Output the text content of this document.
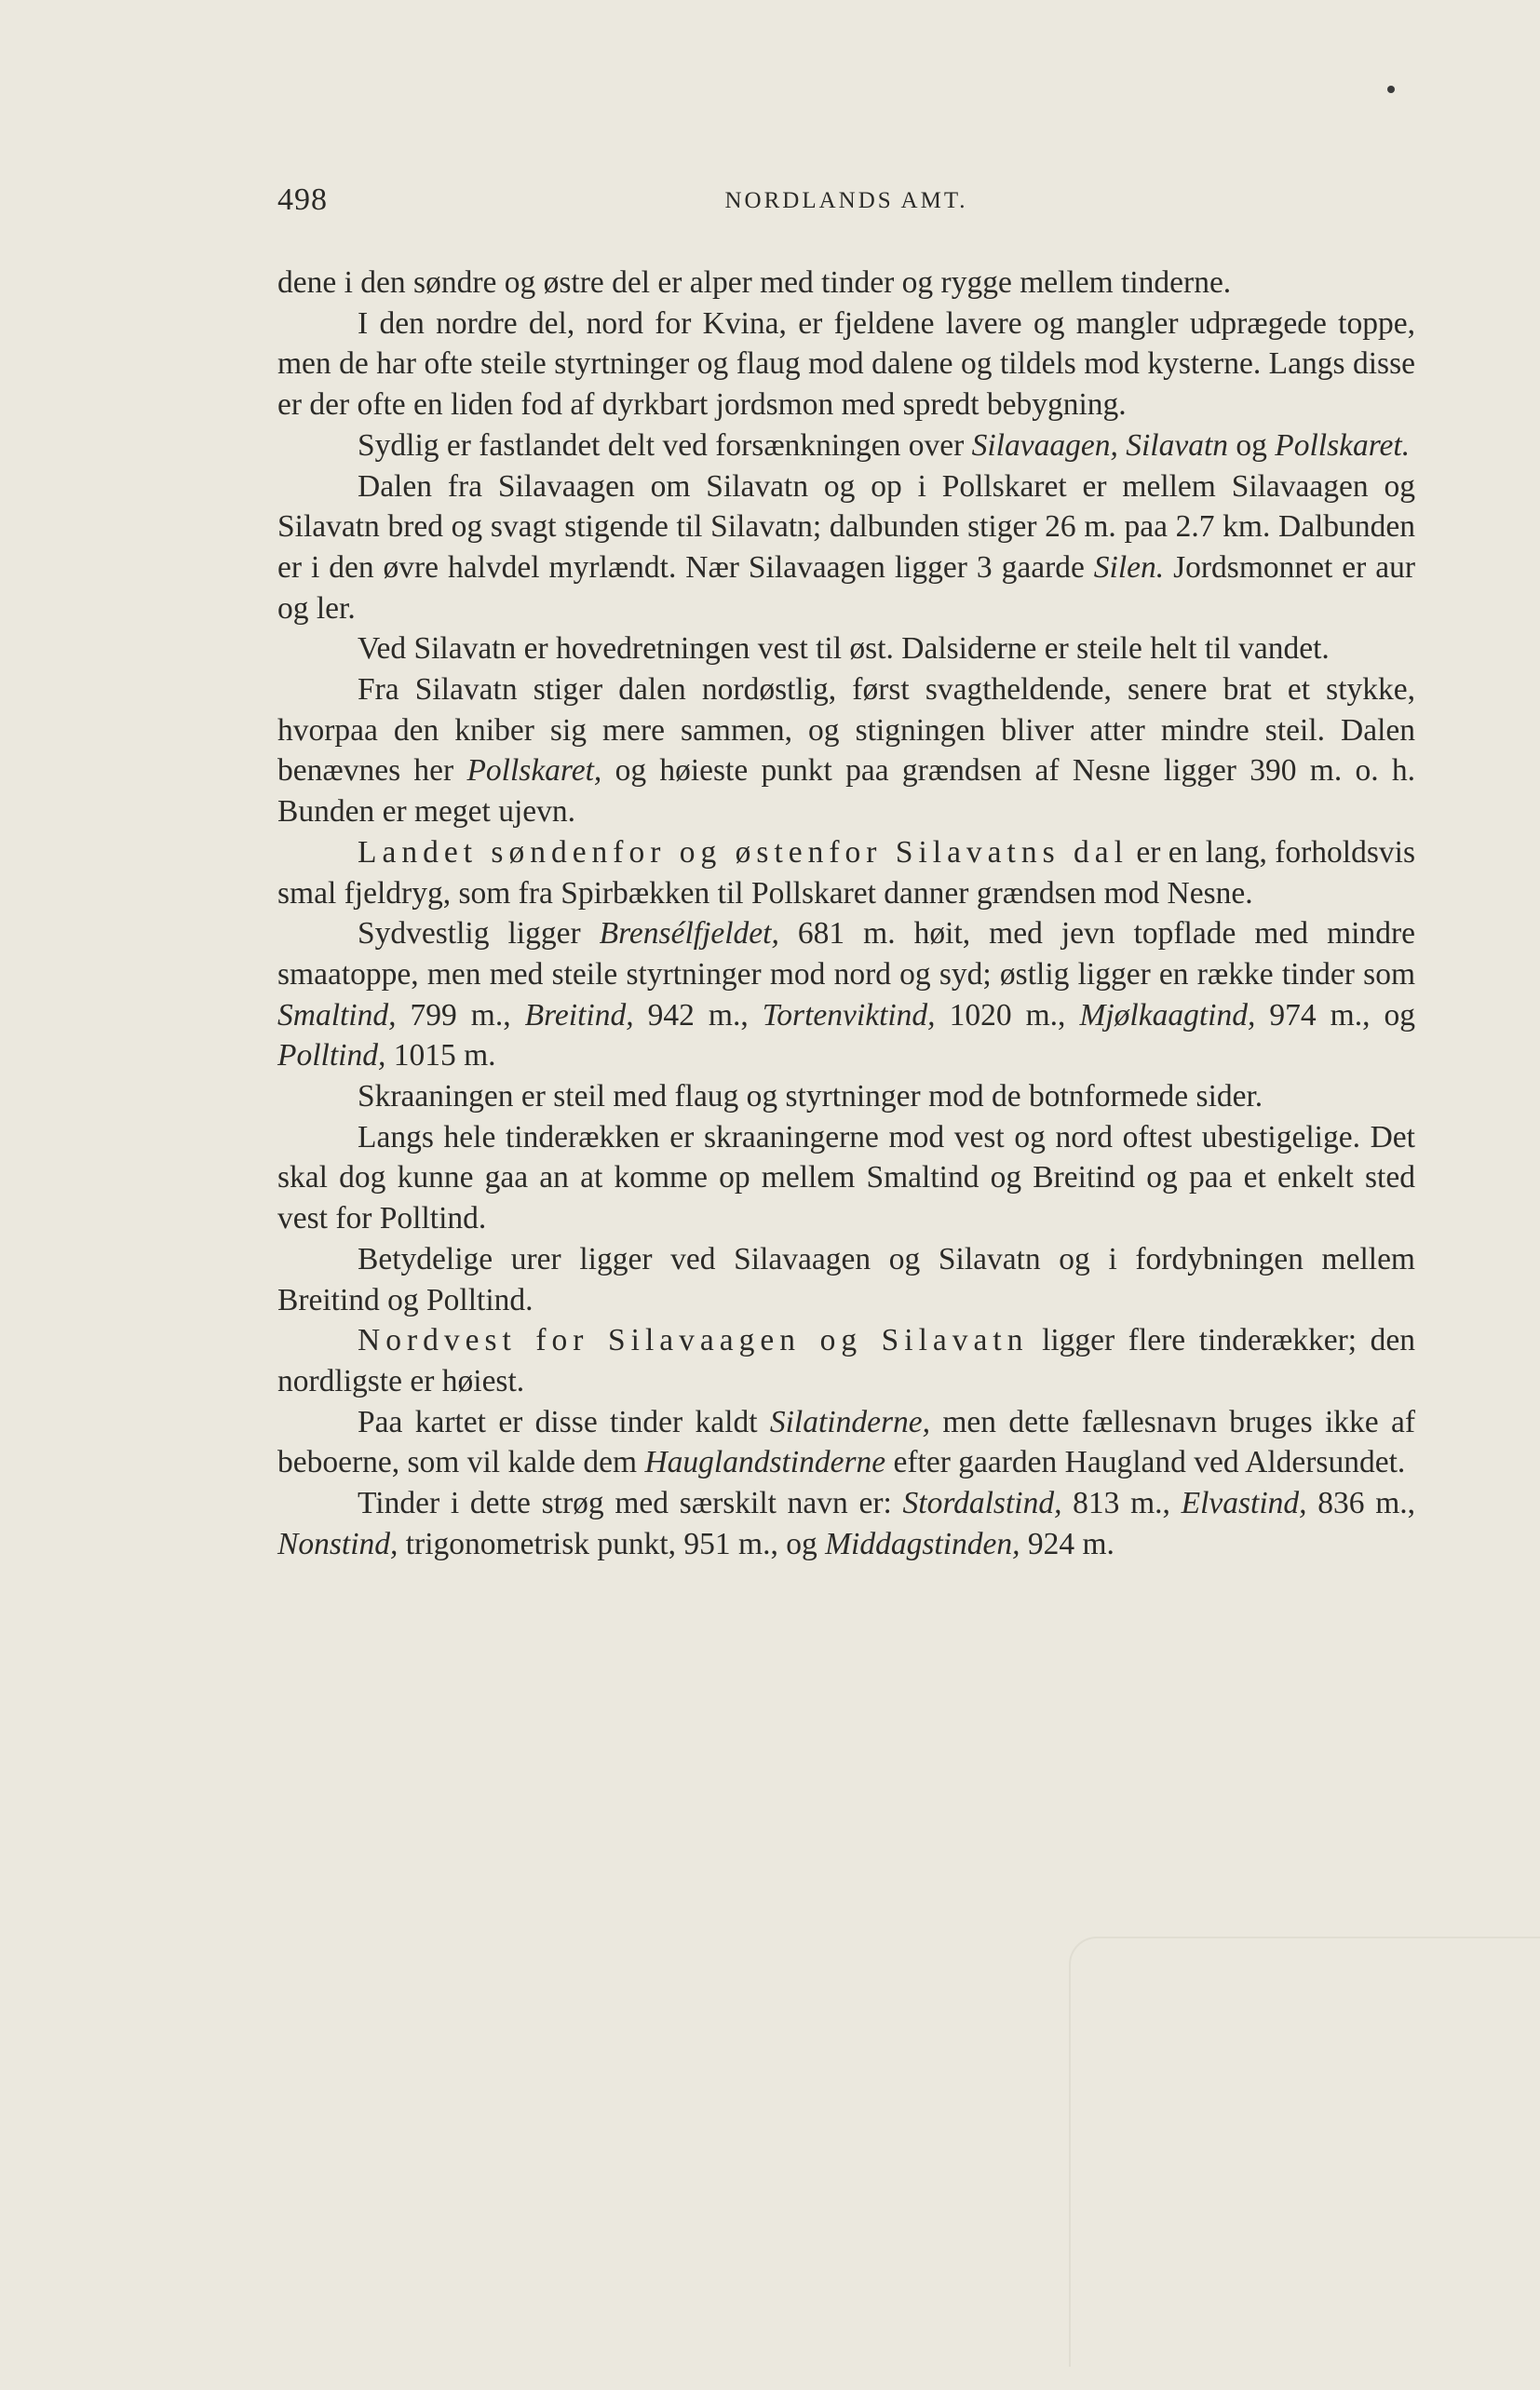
498	NORDLANDS AMT.

dene i den søndre og østre del er alper med tinder og rygge mellem tinderne.

I den nordre del, nord for Kvina, er fjeldene lavere og mangler udprægede toppe, men de har ofte steile styrtninger og flaug mod dalene og tildels mod kysterne. Langs disse er der ofte en liden fod af dyrkbart jordsmon med spredt bebygning.

Sydlig er fastlandet delt ved forsænkningen over Silavaagen, Silavatn og Pollskaret.

Dalen fra Silavaagen om Silavatn og op i Pollskaret er mellem Silavaagen og Silavatn bred og svagt stigende til Silavatn; dalbunden stiger 26 m. paa 2.7 km. Dalbunden er i den øvre halvdel myrlændt. Nær Silavaagen ligger 3 gaarde Silen. Jordsmonnet er aur og ler.

Ved Silavatn er hovedretningen vest til øst. Dalsiderne er steile helt til vandet.

Fra Silavatn stiger dalen nordøstlig, først svagtheldende, senere brat et stykke, hvorpaa den kniber sig mere sammen, og stigningen bliver atter mindre steil. Dalen benævnes her Pollskaret, og høieste punkt paa grændsen af Nesne ligger 390 m. o. h. Bunden er meget ujevn.

Landet søndenfor og østenfor Silavatns dal er en lang, forholdsvis smal fjeldryg, som fra Spirbækken til Pollskaret danner grændsen mod Nesne.

Sydvestlig ligger Brensélfjeldet, 681 m. høit, med jevn topflade med mindre smaatoppe, men med steile styrtninger mod nord og syd; østlig ligger en række tinder som Smaltind, 799 m., Breitind, 942 m., Tortenviktind, 1020 m., Mjølkaagtind, 974 m., og Polltind, 1015 m.

Skraaningen er steil med flaug og styrtninger mod de botnformede sider.

Langs hele tinderækken er skraaningerne mod vest og nord oftest ubestigelige. Det skal dog kunne gaa an at komme op mellem Smaltind og Breitind og paa et enkelt sted vest for Polltind.

Betydelige urer ligger ved Silavaagen og Silavatn og i fordybningen mellem Breitind og Polltind.

Nordvest for Silavaagen og Silavatn ligger flere tinderækker; den nordligste er høiest.

Paa kartet er disse tinder kaldt Silatinderne, men dette fællesnavn bruges ikke af beboerne, som vil kalde dem Hauglandstinderne efter gaarden Haugland ved Aldersundet.

Tinder i dette strøg med særskilt navn er: Stordalstind, 813 m., Elvastind, 836 m., Nonstind, trigonometrisk punkt, 951 m., og Middagstinden, 924 m.
